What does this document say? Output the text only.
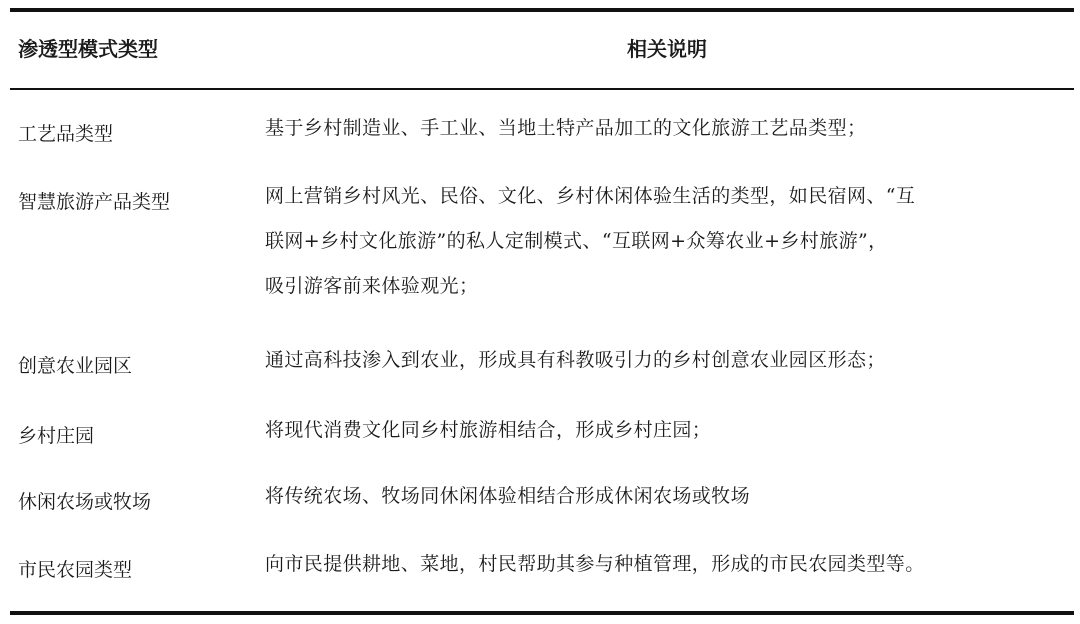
渗透型模式类型	相关说明
工艺品类型	基于乡村制造业、手工业、当地土特产品加工的文化旅游工艺品类型；
智慧旅游产品类型	网上营销乡村风光、民俗、文化、乡村休闲体验生活的类型，如民宿网、“互
联网+乡村文化旅游”的私人定制模式、“互联网+众筹农业+乡村旅游”，
吸引游客前来体验观光；
创意农业园区	通过高科技渗入到农业，形成具有科教吸引力的乡村创意农业园区形态；
乡村庄园	将现代消费文化同乡村旅游相结合，形成乡村庄园；
休闲农场或牧场	将传统农场、牧场同休闲体验相结合形成休闲农场或牧场
市民农园类型	向市民提供耕地、菜地，村民帮助其参与种植管理，形成的市民农园类型等。
